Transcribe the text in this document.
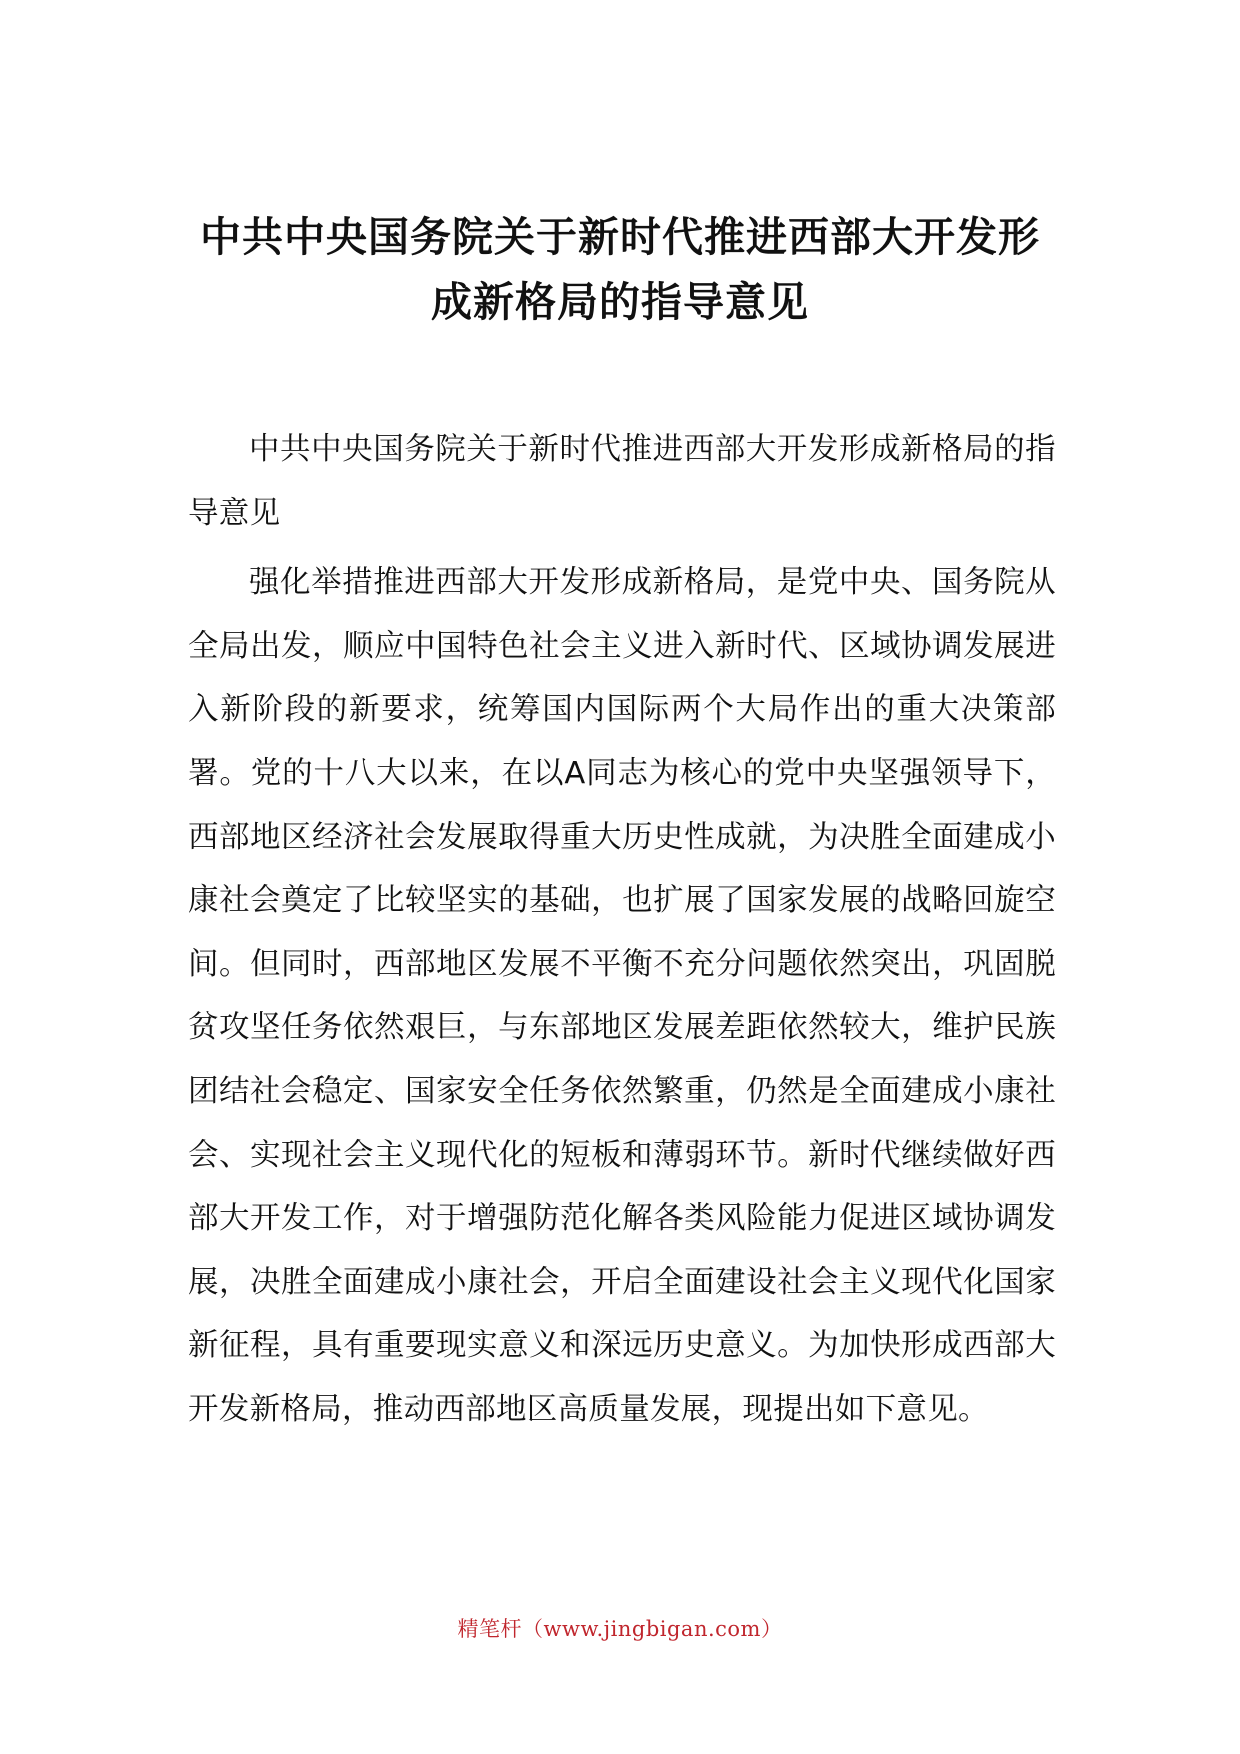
中共中央国务院关于新时代推进西部大开发形成新格局的指导意见

中共中央国务院关于新时代推进西部大开发形成新格局的指导意见

强化举措推进西部大开发形成新格局，是党中央、国务院从全局出发，顺应中国特色社会主义进入新时代、区域协调发展进入新阶段的新要求，统筹国内国际两个大局作出的重大决策部署。党的十八大以来，在以A同志为核心的党中央坚强领导下，西部地区经济社会发展取得重大历史性成就，为决胜全面建成小康社会奠定了比较坚实的基础，也扩展了国家发展的战略回旋空间。但同时，西部地区发展不平衡不充分问题依然突出，巩固脱贫攻坚任务依然艰巨，与东部地区发展差距依然较大，维护民族团结社会稳定、国家安全任务依然繁重，仍然是全面建成小康社会、实现社会主义现代化的短板和薄弱环节。新时代继续做好西部大开发工作，对于增强防范化解各类风险能力促进区域协调发展，决胜全面建成小康社会，开启全面建设社会主义现代化国家新征程，具有重要现实意义和深远历史意义。为加快形成西部大开发新格局，推动西部地区高质量发展，现提出如下意见。

精笔杆（www.jingbigan.com）
